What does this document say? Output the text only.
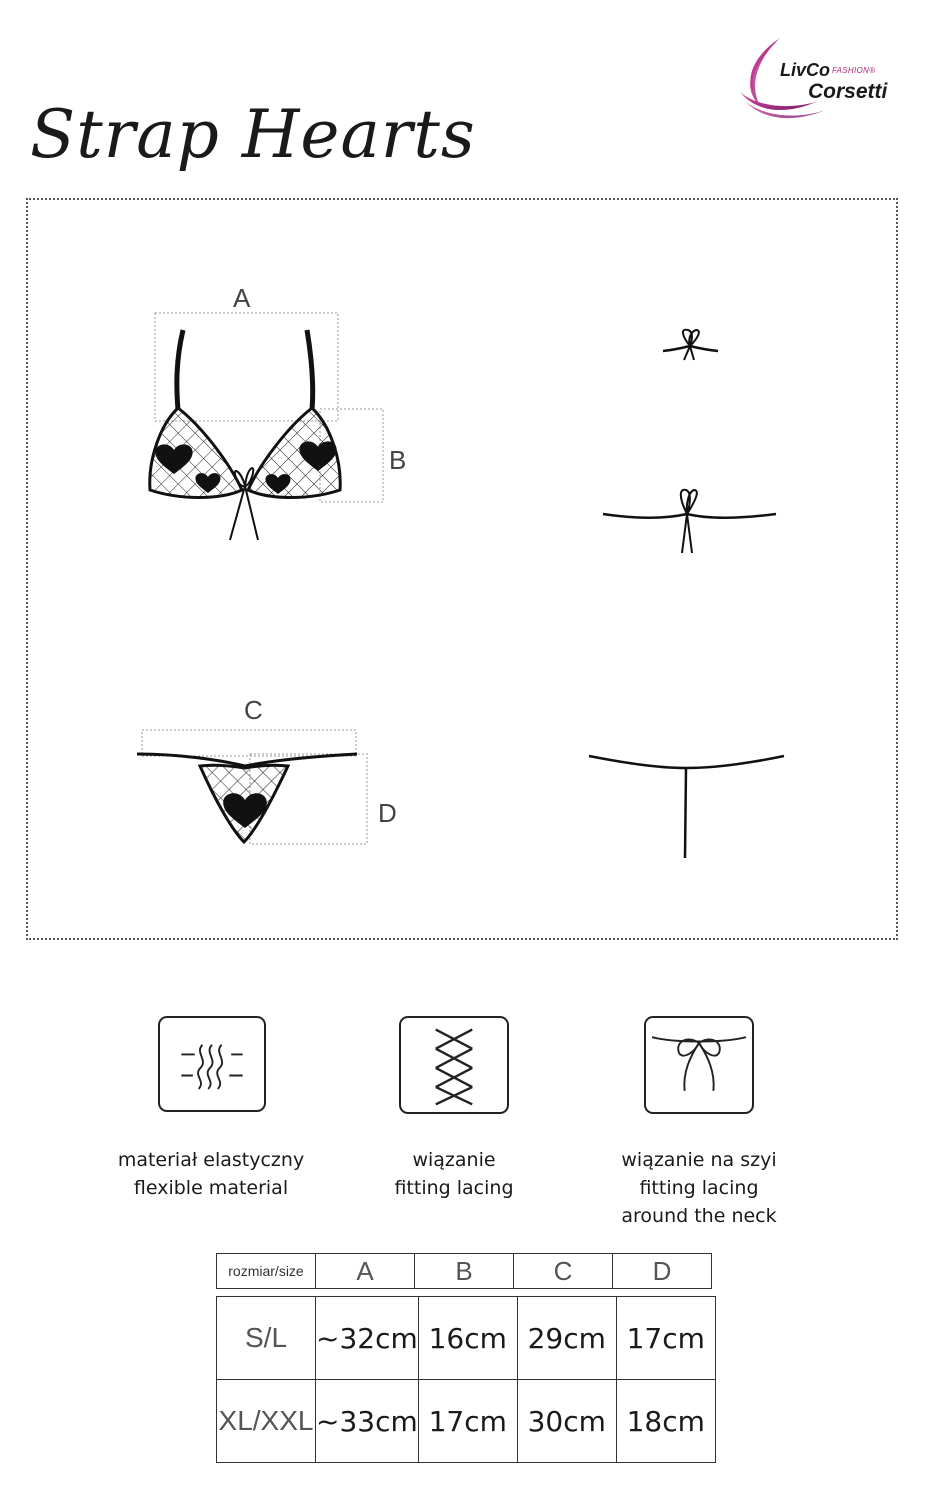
LivCo FASHION®
Corsetti
Strap Hearts
A
B
C
D
materiał elastyczny
flexible material
wiązanie
fitting lacing
wiązanie na szyi
fitting lacing
around the neck
rozmiar/size	A	B	C	D
S/L	~32cm	16cm	29cm	17cm
XL/XXL	~33cm	17cm	30cm	18cm
